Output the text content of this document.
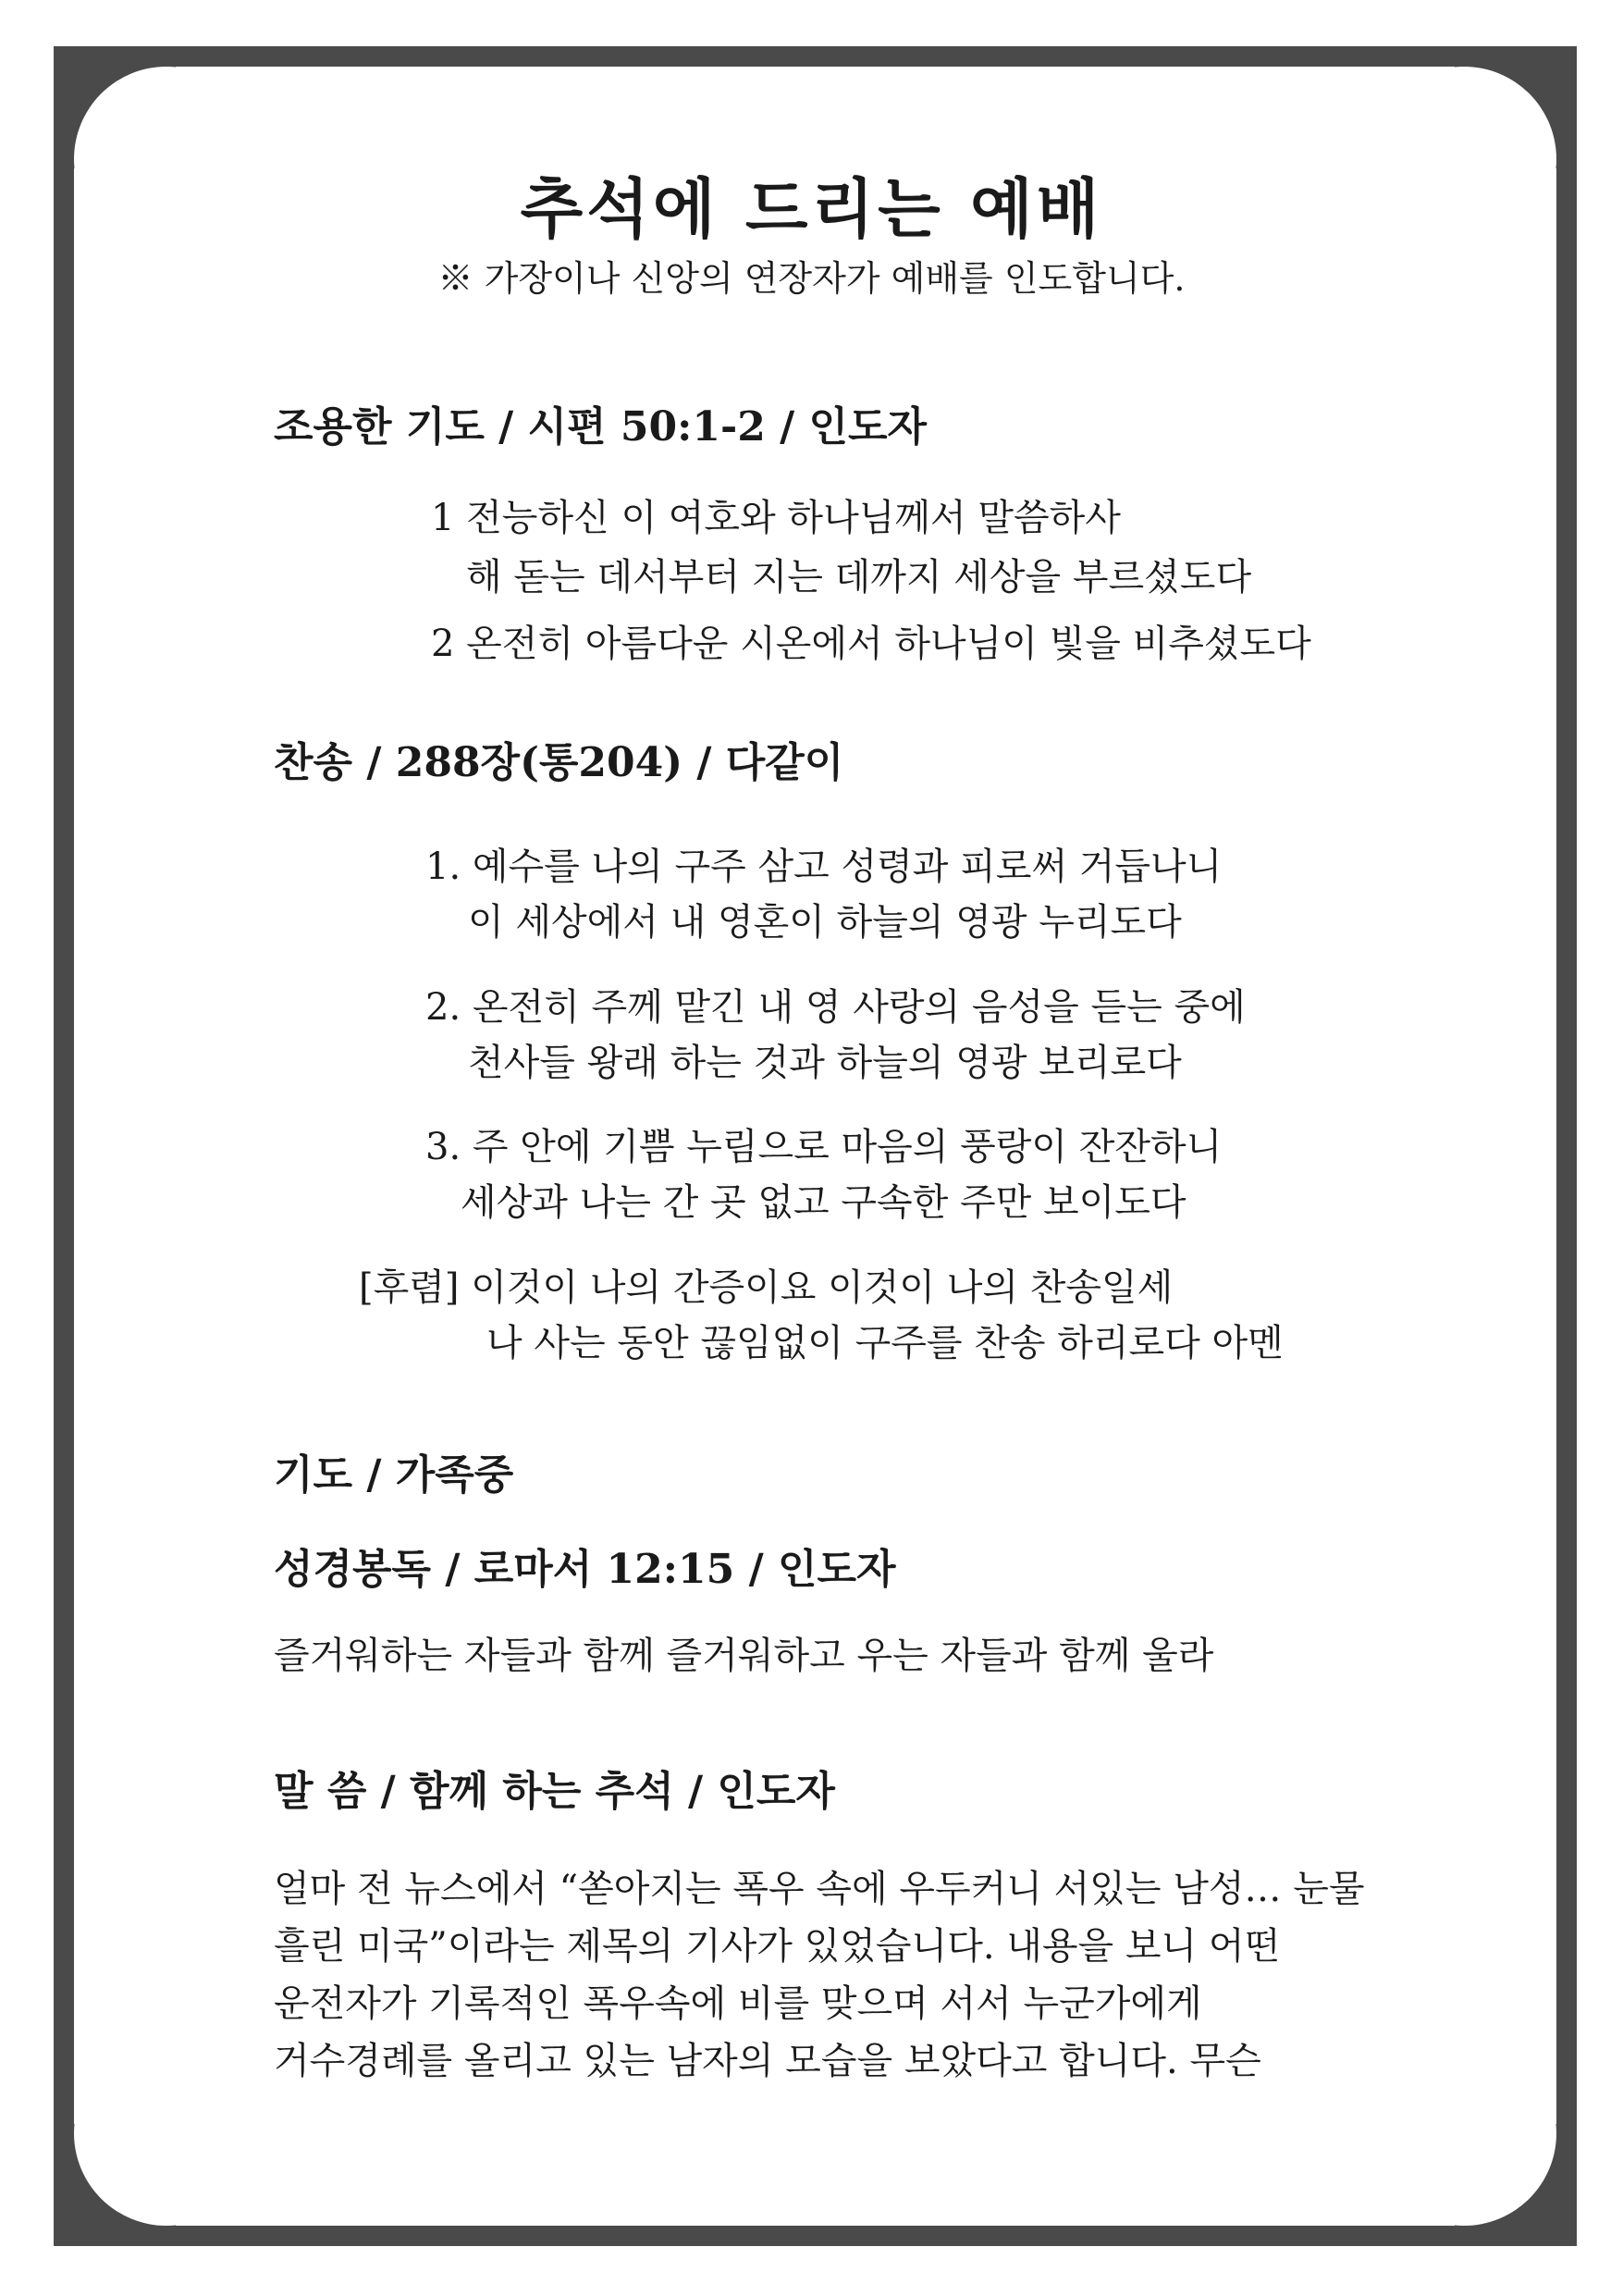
추석에 드리는 예배

※ 가장이나 신앙의 연장자가 예배를 인도합니다.

조용한 기도 / 시편 50:1-2 / 인도자

1 전능하신 이 여호와 하나님께서 말씀하사

해 돋는 데서부터 지는 데까지 세상을 부르셨도다

2 온전히 아름다운 시온에서 하나님이 빛을 비추셨도다

찬송 / 288장(통204) / 다같이

1. 예수를 나의 구주 삼고 성령과 피로써 거듭나니

이 세상에서 내 영혼이 하늘의 영광 누리도다

2. 온전히 주께 맡긴 내 영 사랑의 음성을 듣는 중에

천사들 왕래 하는 것과 하늘의 영광 보리로다

3. 주 안에 기쁨 누림으로 마음의 풍랑이 잔잔하니

세상과 나는 간 곳 없고 구속한 주만 보이도다

[후렴] 이것이 나의 간증이요 이것이 나의 찬송일세

나 사는 동안 끊임없이 구주를 찬송 하리로다 아멘

기도 / 가족중
성경봉독 / 로마서 12:15 / 인도자

즐거워하는 자들과 함께 즐거워하고 우는 자들과 함께 울라

말 씀 / 함께 하는 추석 / 인도자

얼마 전 뉴스에서 “쏟아지는 폭우 속에 우두커니 서있는 남성… 눈물

흘린 미국”이라는 제목의 기사가 있었습니다. 내용을 보니 어떤

운전자가 기록적인 폭우속에 비를 맞으며 서서 누군가에게

거수경례를 올리고 있는 남자의 모습을 보았다고 합니다. 무슨
